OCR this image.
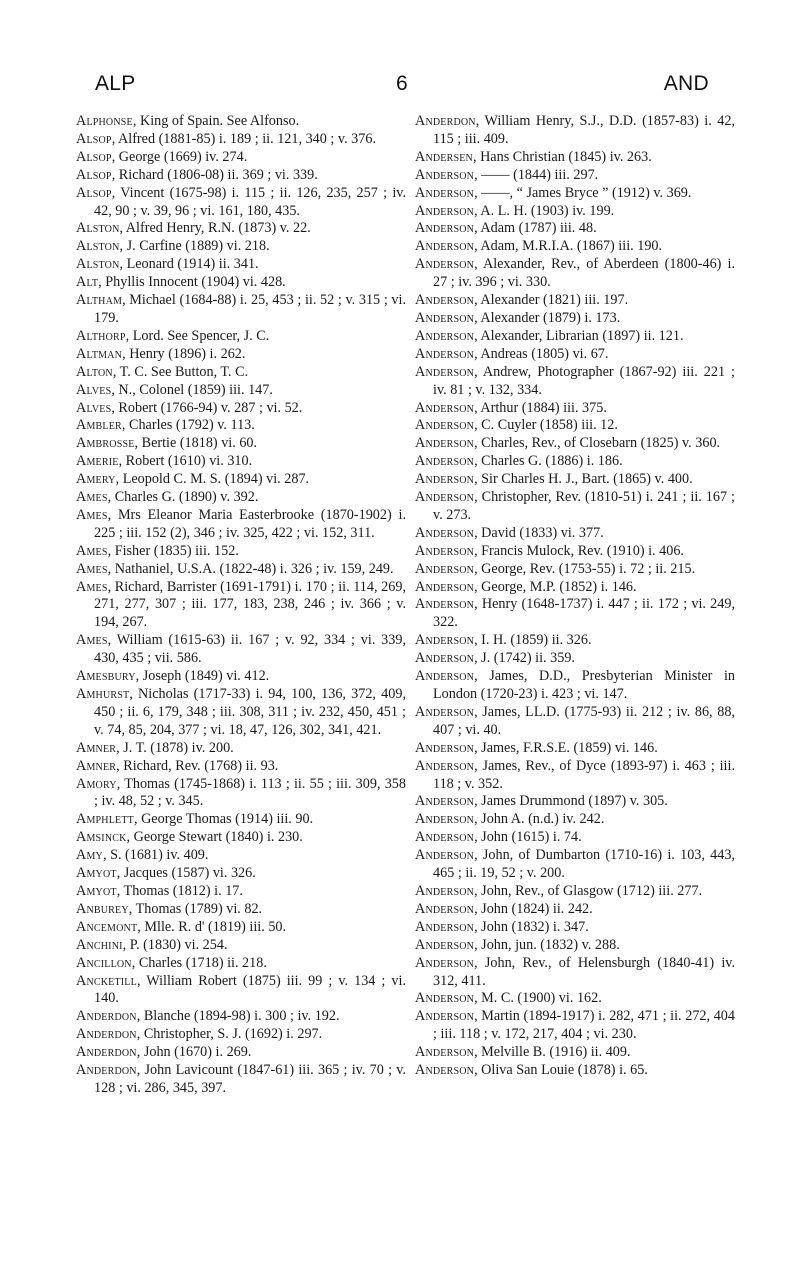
ALP	6	AND
Alphonse, King of Spain. See Alfonso.
Alsop, Alfred (1881-85) i. 189 ; ii. 121, 340 ; v. 376.
Alsop, George (1669) iv. 274.
Alsop, Richard (1806-08) ii. 369 ; vi. 339.
Alsop, Vincent (1675-98) i. 115 ; ii. 126, 235, 257 ; iv. 42, 90 ; v. 39, 96 ; vi. 161, 180, 435.
Alston, Alfred Henry, R.N. (1873) v. 22.
Alston, J. Carfine (1889) vi. 218.
Alston, Leonard (1914) ii. 341.
Alt, Phyllis Innocent (1904) vi. 428.
Altham, Michael (1684-88) i. 25, 453 ; ii. 52 ; v. 315 ; vi. 179.
Althorp, Lord. See Spencer, J. C.
Altman, Henry (1896) i. 262.
Alton, T. C. See Button, T. C.
Alves, N., Colonel (1859) iii. 147.
Alves, Robert (1766-94) v. 287 ; vi. 52.
Ambler, Charles (1792) v. 113.
Ambrosse, Bertie (1818) vi. 60.
Amerie, Robert (1610) vi. 310.
Amery, Leopold C. M. S. (1894) vi. 287.
Ames, Charles G. (1890) v. 392.
Ames, Mrs Eleanor Maria Easterbrooke (1870-1902) i. 225 ; iii. 152 (2), 346 ; iv. 325, 422 ; vi. 152, 311.
Ames, Fisher (1835) iii. 152.
Ames, Nathaniel, U.S.A. (1822-48) i. 326 ; iv. 159, 249.
Ames, Richard, Barrister (1691-1791) i. 170 ; ii. 114, 269, 271, 277, 307 ; iii. 177, 183, 238, 246 ; iv. 366 ; v. 194, 267.
Ames, William (1615-63) ii. 167 ; v. 92, 334 ; vi. 339, 430, 435 ; vii. 586.
Amesbury, Joseph (1849) vi. 412.
Amhurst, Nicholas (1717-33) i. 94, 100, 136, 372, 409, 450 ; ii. 6, 179, 348 ; iii. 308, 311 ; iv. 232, 450, 451 ; v. 74, 85, 204, 377 ; vi. 18, 47, 126, 302, 341, 421.
Amner, J. T. (1878) iv. 200.
Amner, Richard, Rev. (1768) ii. 93.
Amory, Thomas (1745-1868) i. 113 ; ii. 55 ; iii. 309, 358 ; iv. 48, 52 ; v. 345.
Amphlett, George Thomas (1914) iii. 90.
Amsinck, George Stewart (1840) i. 230.
Amy, S. (1681) iv. 409.
Amyot, Jacques (1587) vi. 326.
Amyot, Thomas (1812) i. 17.
Anburey, Thomas (1789) vi. 82.
Ancemont, Mlle. R. d' (1819) iii. 50.
Anchini, P. (1830) vi. 254.
Ancillon, Charles (1718) ii. 218.
Ancketill, William Robert (1875) iii. 99 ; v. 134 ; vi. 140.
Anderdon, Blanche (1894-98) i. 300 ; iv. 192.
Anderdon, Christopher, S. J. (1692) i. 297.
Anderdon, John (1670) i. 269.
Anderdon, John Lavicount (1847-61) iii. 365 ; iv. 70 ; v. 128 ; vi. 286, 345, 397.
Anderdon, William Henry, S.J., D.D. (1857-83) i. 42, 115 ; iii. 409.
Andersen, Hans Christian (1845) iv. 263.
Anderson, —— (1844) iii. 297.
Anderson, ——, “ James Bryce ” (1912) v. 369.
Anderson, A. L. H. (1903) iv. 199.
Anderson, Adam (1787) iii. 48.
Anderson, Adam, M.R.I.A. (1867) iii. 190.
Anderson, Alexander, Rev., of Aberdeen (1800-46) i. 27 ; iv. 396 ; vi. 330.
Anderson, Alexander (1821) iii. 197.
Anderson, Alexander (1879) i. 173.
Anderson, Alexander, Librarian (1897) ii. 121.
Anderson, Andreas (1805) vi. 67.
Anderson, Andrew, Photographer (1867-92) iii. 221 ; iv. 81 ; v. 132, 334.
Anderson, Arthur (1884) iii. 375.
Anderson, C. Cuyler (1858) iii. 12.
Anderson, Charles, Rev., of Closebarn (1825) v. 360.
Anderson, Charles G. (1886) i. 186.
Anderson, Sir Charles H. J., Bart. (1865) v. 400.
Anderson, Christopher, Rev. (1810-51) i. 241 ; ii. 167 ; v. 273.
Anderson, David (1833) vi. 377.
Anderson, Francis Mulock, Rev. (1910) i. 406.
Anderson, George, Rev. (1753-55) i. 72 ; ii. 215.
Anderson, George, M.P. (1852) i. 146.
Anderson, Henry (1648-1737) i. 447 ; ii. 172 ; vi. 249, 322.
Anderson, I. H. (1859) ii. 326.
Anderson, J. (1742) ii. 359.
Anderson, James, D.D., Presbyterian Minister in London (1720-23) i. 423 ; vi. 147.
Anderson, James, LL.D. (1775-93) ii. 212 ; iv. 86, 88, 407 ; vi. 40.
Anderson, James, F.R.S.E. (1859) vi. 146.
Anderson, James, Rev., of Dyce (1893-97) i. 463 ; iii. 118 ; v. 352.
Anderson, James Drummond (1897) v. 305.
Anderson, John A. (n.d.) iv. 242.
Anderson, John (1615) i. 74.
Anderson, John, of Dumbarton (1710-16) i. 103, 443, 465 ; ii. 19, 52 ; v. 200.
Anderson, John, Rev., of Glasgow (1712) iii. 277.
Anderson, John (1824) ii. 242.
Anderson, John (1832) i. 347.
Anderson, John, jun. (1832) v. 288.
Anderson, John, Rev., of Helensburgh (1840-41) iv. 312, 411.
Anderson, M. C. (1900) vi. 162.
Anderson, Martin (1894-1917) i. 282, 471 ; ii. 272, 404 ; iii. 118 ; v. 172, 217, 404 ; vi. 230.
Anderson, Melville B. (1916) ii. 409.
Anderson, Oliva San Louie (1878) i. 65.
